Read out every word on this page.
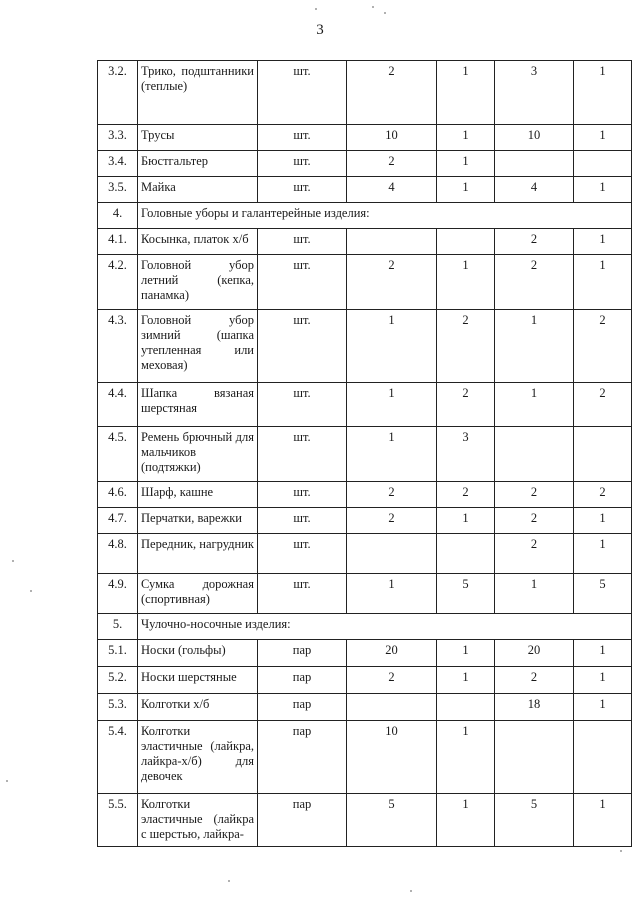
3
3.2.	Трико, подштанники (теплые)	шт.	2	1	3	1
3.3.	Трусы	шт.	10	1	10	1
3.4.	Бюстгальтер	шт.	2	1		
3.5.	Майка	шт.	4	1	4	1
4.	Головные уборы и галантерейные изделия:					
4.1.	Косынка, платок х/б	шт.			2	1
4.2.	Головной убор летний (кепка, панамка)	шт.	2	1	2	1
4.3.	Головной убор зимний (шапка утепленная или меховая)	шт.	1	2	1	2
4.4.	Шапка вязаная шерстяная	шт.	1	2	1	2
4.5.	Ремень брючный для мальчиков (подтяжки)	шт.	1	3		
4.6.	Шарф, кашне	шт.	2	2	2	2
4.7.	Перчатки, варежки	шт.	2	1	2	1
4.8.	Передник, нагрудник	шт.			2	1
4.9.	Сумка дорожная (спортивная)	шт.	1	5	1	5
5.	Чулочно-носочные изделия:					
5.1.	Носки (гольфы)	пар	20	1	20	1
5.2.	Носки шерстяные	пар	2	1	2	1
5.3.	Колготки х/б	пар			18	1
5.4.	Колготки эластичные (лайкра, лайкра-х/б) для девочек	пар	10	1		
5.5.	Колготки эластичные (лайкра с шерстью, лайкра-	пар	5	1	5	1
